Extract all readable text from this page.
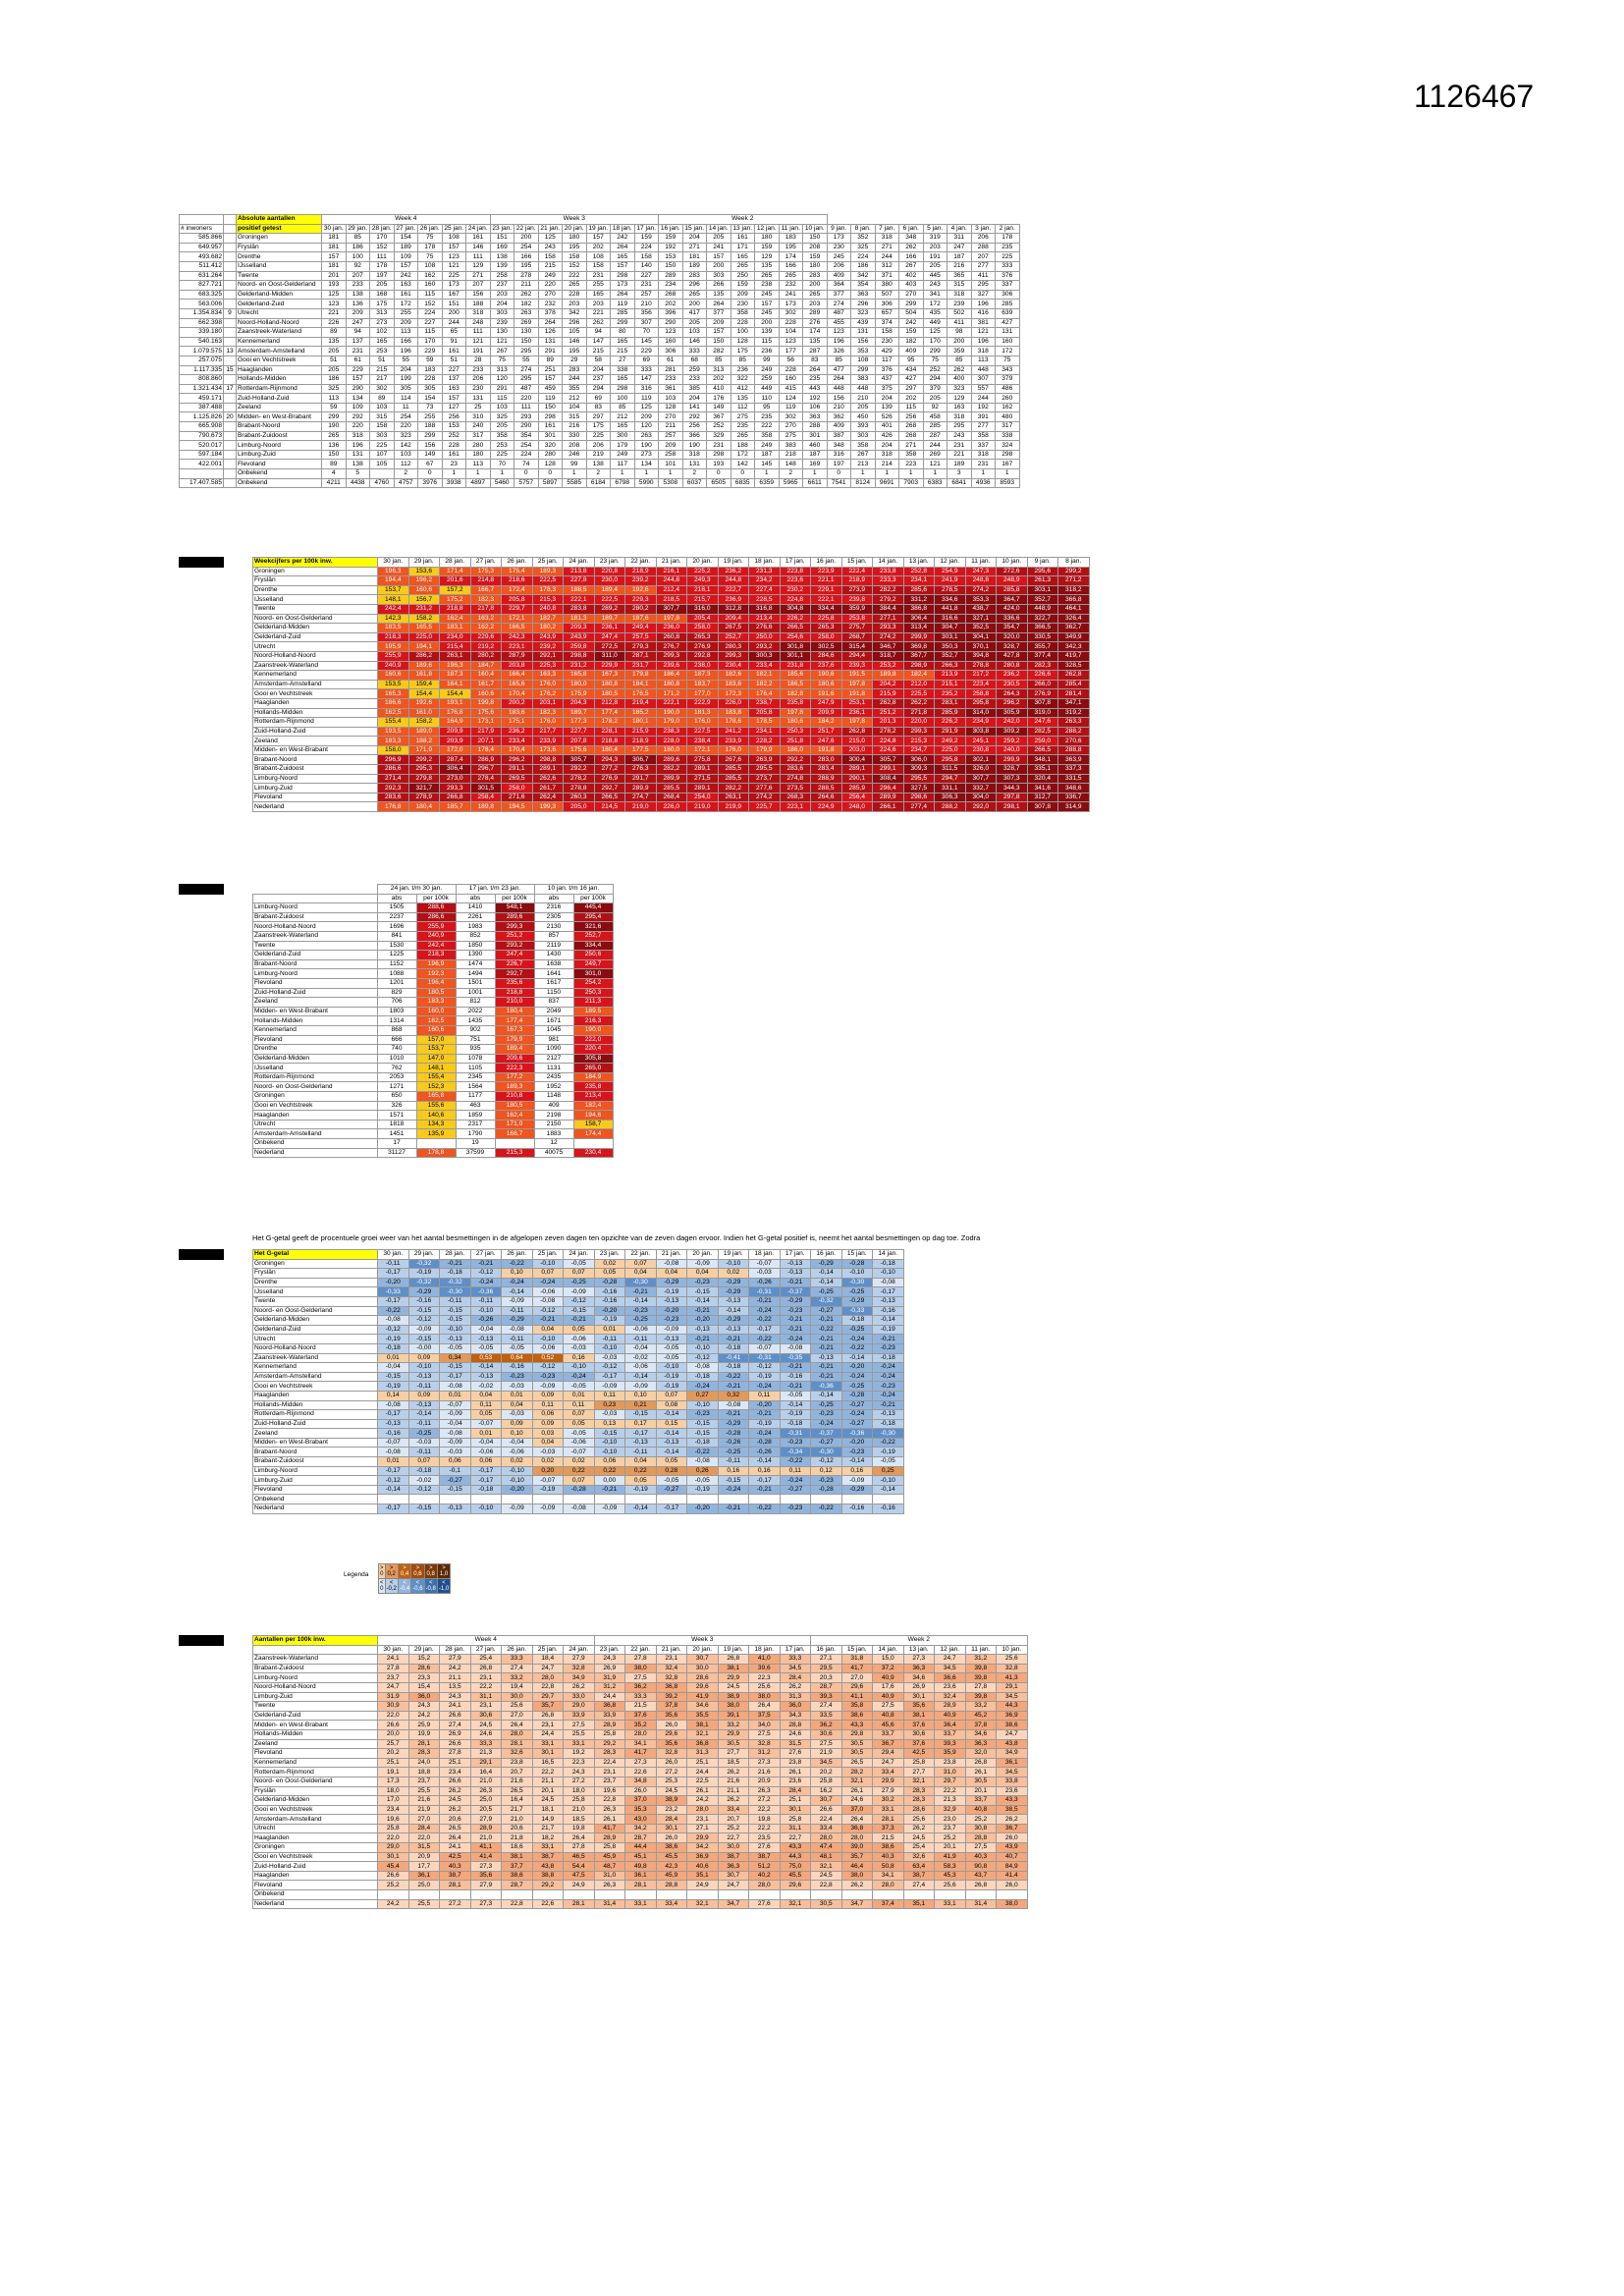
1126467
		Absolute aantallen	Week 4							Week 3							Week 2														
# inwoners		positief getest	30 jan.	29 jan.	28 jan.	27 jan.	26 jan.	25 jan.	24 jan.	23 jan.	22 jan.	21 jan.	20 jan.	19 jan.	18 jan.	17 jan.	16 jan.	15 jan.	14 jan.	13 jan.	12 jan.	11 jan.	10 jan.	9 jan.	8 jan.	7 jan.	6 jan.	5 jan.	4 jan.	3 jan.	2 jan.
585.866		Groningen	181	85	170	154	75	108	161	151	200	125	180	157	242	159	159	204	205	161	180	183	150	173	352	318	348	319	311	206	178
649.957		Fryslân	181	186	152	189	178	157	146	169	254	243	195	202	264	224	192	271	241	171	159	195	208	230	325	271	262	203	247	288	235
493.682		Drenthe	157	100	111	109	75	123	111	138	166	158	158	108	165	158	153	181	157	165	129	174	159	245	224	244	166	191	187	207	225
511.412		IJsselland	181	92	178	157	108	121	129	139	195	215	152	158	157	140	150	189	200	265	135	166	180	206	186	312	267	205	216	277	333
631.264		Twente	201	207	197	242	162	225	271	258	278	249	222	231	298	227	289	283	303	250	265	265	283	409	342	371	402	445	365	411	376
827.721		Noord- en Oost-Gelderland	193	233	205	163	160	173	207	237	211	220	265	255	173	231	234	296	266	159	238	232	200	364	354	380	403	243	315	295	337
683.325		Gelderland-Midden	125	138	168	161	115	167	156	203	262	270	228	165	264	257	268	265	135	209	245	241	265	377	363	507	270	341	318	327	306
563.006		Gelderland-Zuid	123	136	175	172	152	151	188	204	182	232	203	203	119	210	202	200	264	230	157	173	203	274	296	306	299	172	239	196	285
1.354.834	9	Utrecht	221	209	313	255	224	200	318	303	263	378	342	221	285	356	396	417	377	358	245	302	289	487	323	657	504	435	502	416	639
662.398		Noord-Holland-Noord	226	247	273	209	227	244	248	239	269	264	296	262	299	307	290	205	209	228	200	228	276	455	439	374	242	449	411	381	427
339.180		Zaanstreek-Waterland	89	94	102	113	115	65	111	130	130	126	105	94	80	70	123	103	157	100	139	104	174	123	131	158	159	125	98	121	131
540.163		Kennemerland	135	137	165	166	170	91	121	121	150	131	146	147	165	145	160	146	150	128	115	123	135	196	156	230	182	170	200	196	160
1.079.575	13	Amsterdam-Amstelland	205	231	253	196	229	161	191	267	295	291	195	215	215	229	306	333	282	175	236	177	287	326	353	429	409	299	359	318	172
257.075		Gooi en Vechtstreek	51	61	51	55	59	51	28	75	55	89	29	58	27	69	61	68	85	85	99	56	83	85	108	117	95	75	85	113	75
1.117.335	15	Haaglanden	205	229	215	204	183	227	233	313	274	251	283	204	338	333	281	259	313	236	249	228	264	477	299	376	434	252	262	448	343
808.860		Hollands-Midden	186	157	217	199	228	137	206	120	295	157	244	237	165	147	233	233	202	322	259	160	235	264	383	437	427	294	400	307	379
1.321.434	17	Rotterdam-Rijnmond	325	290	302	305	305	163	230	291	487	459	355	294	298	316	361	385	410	412	449	415	443	448	448	375	297	379	323	557	486
459.171		Zuid-Holland-Zuid	113	134	89	114	154	157	131	115	220	119	212	69	100	119	103	204	176	135	110	124	192	156	210	204	202	205	129	244	260
387.488		Zeeland	59	109	103	11	73	127	25	103	111	150	104	83	85	125	128	141	149	112	95	119	106	210	205	139	115	92	163	192	162
1.125.826	20	Midden- en West-Brabant	299	292	315	254	255	256	310	325	293	298	315	297	212	209	270	292	367	275	235	302	363	362	450	526	256	458	318	391	480
665.908		Brabant-Noord	190	220	158	220	188	153	240	205	290	161	216	175	165	120	211	256	252	235	222	270	288	409	393	401	268	285	295	277	317
790.673		Brabant-Zuidoost	265	318	303	323	299	252	317	358	354	301	330	225	300	263	257	366	329	265	358	275	301	387	303	426	268	287	243	358	338
520.017		Limburg-Noord	136	196	225	142	156	228	280	253	254	320	208	206	179	190	209	190	231	188	249	383	460	348	358	204	271	244	231	337	324
597.184		Limburg-Zuid	150	131	107	103	149	161	180	225	224	280	246	219	249	273	258	318	298	172	187	218	187	316	267	318	358	269	221	318	298
422.001		Flevoland	89	138	105	112	67	23	113	70	74	128	99	138	117	134	101	131	193	142	145	148	169	197	213	214	223	121	189	231	167
		Onbekend	4	5		2	0	1	1	1	0	0	1	2	1	1	1	2	0	0	1	2	1	0	1	1	1	1	3	1	1
17.407.585		Onbekend	4211	4438	4760	4757	3976	3938	4897	5460	5757	5897	5585	6184	6798	5990	5308	6037	6505	6835	6359	5965	6611	7541	8124	9691	7903	6383	6841	4936	8593
Weekcijfers per 100k inw.	30 jan.	29 jan.	28 jan.	27 jan.	26 jan.	25 jan.	24 jan.	23 jan.	22 jan.	21 jan.	20 jan.	19 jan.	18 jan.	17 jan.	16 jan.	15 jan.	14 jan.	13 jan.	12 jan.	11 jan.	10 jan.	9 jan.	8 jan.
Groningen	196,3	153,6	171,4	175,3	175,4	189,3	213,8	220,8	218,9	216,1	225,2	236,2	231,3	223,8	223,9	222,4	233,8	252,8	254,9	247,3	272,6	295,6	299,2
Fryslân	194,4	196,2	201,6	214,8	218,6	222,5	227,8	230,0	239,2	244,8	249,3	244,8	234,2	223,6	221,1	218,9	233,3	234,1	241,9	248,8	248,9	261,3	271,2
Drenthe	153,7	160,6	157,2	166,7	172,4	178,3	188,5	189,4	192,6	212,4	218,1	222,7	227,4	230,2	229,1	273,9	282,2	285,6	278,5	274,2	285,8	303,1	318,2
IJsselland	148,1	156,7	175,2	182,3	205,8	215,3	222,1	222,5	229,3	218,5	215,7	236,9	228,5	224,8	222,1	239,8	279,2	331,2	334,6	353,3	364,7	352,7	366,8
Twente	242,4	231,2	218,8	217,8	229,7	240,8	283,8	289,2	280,2	307,7	316,0	312,8	316,8	304,8	334,4	359,9	384,4	386,8	441,8	438,7	424,0	448,9	464,1
Noord- en Oost-Gelderland	142,3	158,2	162,4	163,2	172,1	182,7	181,3	189,7	187,6	197,8	205,4	209,4	213,4	226,2	225,8	253,8	277,1	306,4	316,6	327,1	336,6	322,7	326,4
Gelderland-Midden	183,5	165,5	183,1	162,2	166,5	180,2	209,3	236,1	249,4	236,0	258,0	267,5	276,6	266,5	265,3	275,7	293,3	313,4	304,7	352,5	354,7	366,5	362,7
Gelderland-Zuid	218,3	225,0	234,0	229,6	242,3	243,9	243,9	247,4	257,5	260,8	265,3	252,7	250,0	254,6	258,0	268,7	274,2	299,9	303,1	304,1	320,0	330,5	349,9
Utrecht	195,9	194,1	215,4	219,2	223,1	239,2	259,8	272,5	279,3	276,7	276,9	280,3	293,2	301,8	302,5	315,4	346,7	369,8	350,3	370,1	328,7	355,7	342,3
Noord-Holland-Noord	255,9	286,2	263,1	280,2	287,9	292,1	298,8	311,0	287,1	299,3	292,8	299,3	300,3	301,1	284,6	294,4	318,7	367,7	352,7	394,8	427,8	377,4	419,7
Zaanstreek-Waterland	240,9	189,6	196,3	184,7	203,8	225,3	231,2	229,9	231,7	239,6	238,0	230,4	233,4	231,8	237,6	239,3	253,2	298,9	266,3	278,8	280,8	282,3	328,5
Kennemerland	160,6	161,8	187,3	160,4	166,4	163,3	165,8	167,3	179,8	186,4	187,3	182,6	182,1	185,6	190,6	191,5	189,8	182,4	213,9	217,2	236,2	226,6	262,8
Amsterdam-Amstelland	153,5	159,4	164,1	161,7	165,6	176,0	180,0	180,8	184,1	180,8	183,7	183,6	182,2	186,5	180,6	197,8	204,2	212,0	215,1	223,4	230,5	266,0	285,4
Gooi en Vechtstreek	165,3	154,4	154,4	160,6	170,4	176,2	175,9	180,5	176,5	171,2	177,0	172,3	176,4	182,8	191,6	191,8	215,9	225,5	235,2	258,8	264,3	276,9	281,4
Haaglanden	186,6	192,6	193,1	199,8	200,2	203,1	204,3	212,8	219,4	222,1	222,9	226,0	238,7	235,8	247,9	253,1	262,8	262,2	283,1	295,8	296,2	307,8	347,1
Hollands-Midden	162,5	161,0	176,8	175,6	183,6	182,3	189,7	177,4	185,2	190,0	181,3	183,8	205,8	197,8	209,9	236,1	251,2	271,8	285,9	314,0	305,9	319,0	319,2
Rotterdam-Rijnmond	155,4	158,2	164,9	173,1	175,1	176,0	177,3	178,2	180,1	179,0	176,0	178,6	178,5	180,6	184,2	197,8	201,3	220,0	226,2	234,9	242,0	247,6	263,3
Zuid-Holland-Zuid	193,5	189,0	209,9	217,9	236,2	217,7	227,7	228,1	215,9	238,3	227,5	241,2	234,1	250,3	251,7	262,8	278,2	299,3	291,9	303,8	309,2	282,5	288,2
Zeeland	183,3	188,2	203,9	207,1	233,4	233,9	207,8	218,8	218,9	228,0	238,4	233,9	228,2	251,8	247,6	215,0	224,8	215,3	249,2	245,1	259,2	259,0	270,6
Midden- en West-Brabant	158,0	171,9	172,0	178,4	170,4	173,6	175,6	180,4	177,5	180,0	172,1	176,0	179,9	186,0	191,8	203,0	224,6	234,7	225,0	230,8	240,0	266,5	288,8
Brabant-Noord	296,9	299,2	287,4	286,9	296,2	298,8	305,7	294,3	306,7	289,6	275,8	267,6	263,9	292,2	283,0	300,4	305,7	306,0	295,8	302,1	299,9	348,1	363,9
Brabant-Zuidoost	286,6	295,3	306,4	296,7	291,1	289,1	292,2	277,2	276,3	282,2	289,1	285,5	295,5	283,6	283,4	289,1	299,1	309,3	311,5	326,0	328,7	335,1	337,3
Limburg-Noord	271,4	279,8	273,0	278,4	269,5	262,6	278,2	276,9	291,7	289,9	271,5	285,5	273,7	274,8	288,9	290,1	308,4	295,5	294,7	307,7	307,3	320,4	331,5
Limburg-Zuid	292,3	321,7	293,3	301,5	258,0	261,7	278,8	292,7	289,9	285,5	289,1	282,2	277,6	273,5	288,5	285,9	296,4	327,5	331,1	332,7	344,3	341,6	348,6
Flevoland	283,6	278,9	266,8	258,4	271,6	262,4	260,3	266,5	274,7	268,4	254,0	263,1	274,2	268,3	264,6	256,4	289,9	298,6	306,3	304,0	297,8	312,7	336,7
Nederland	176,8	180,4	185,7	189,8	194,5	199,3	205,0	214,5	219,0	226,0	219,0	219,9	225,7	223,1	224,9	248,0	266,1	277,4	288,2	292,0	298,1	307,8	314,9
	24 jan. t/m 30 jan.		17 jan. t/m 23 jan.		10 jan. t/m 16 jan.	
	abs	per 100k	abs	per 100k	abs	per 100k
Limburg-Noord	1505	288,6	1410	548,1	2316	445,4
Brabant-Zuidoost	2237	286,6	2261	289,6	2305	295,4
Noord-Holland-Noord	1696	255,9	1983	299,3	2130	321,6
Zaanstreek-Waterland	841	240,9	852	251,2	857	252,7
Twente	1530	242,4	1850	293,2	2119	334,4
Gelderland-Zuid	1225	218,3	1390	247,4	1430	250,6
Brabant-Noord	1152	196,9	1474	226,7	1638	249,7
Limburg-Noord	1088	192,3	1494	292,7	1641	301,0
Flevoland	1201	196,4	1501	235,6	1617	254,2
Zuid-Holland-Zuid	829	180,5	1001	218,8	1150	250,3
Zeeland	706	183,3	812	210,0	837	211,3
Midden- en West-Brabant	1803	160,0	2022	180,4	2049	189,5
Hollands-Midden	1314	162,5	1435	177,4	1671	216,3
Kennemerland	868	160,6	902	167,3	1045	190,0
Flevoland	666	157,0	751	179,9	981	222,0
Drenthe	740	153,7	935	189,4	1090	220,4
Gelderland-Midden	1010	147,0	1078	209,6	2127	305,8
IJsselland	762	148,1	1105	222,3	1131	265,0
Rotterdam-Rijnmond	2053	155,4	2345	177,2	2435	184,9
Noord- en Oost-Gelderland	1271	152,3	1564	189,3	1952	235,8
Groningen	650	165,8	1177	210,8	1148	213,4
Gooi en Vechtstreek	326	155,6	463	180,5	409	182,4
Haaglanden	1571	140,6	1859	162,4	2198	194,6
Utrecht	1818	134,3	2317	171,0	2150	158,7
Amsterdam-Amstelland	1451	135,9	1790	166,7	1883	174,4
Onbekend	17		19		12	
Nederland	31127	178,8	37599	215,3	40075	230,4
Het G-getal geeft de procentuele groei weer van het aantal besmettingen in de afgelopen zeven dagen ten opzichte van de zeven dagen ervoor. Indien het G-getal positief is, neemt het aantal besmettingen op dag toe. Zodra
Het G-getal	30 jan.	29 jan.	28 jan.	27 jan.	26 jan.	25 jan.	24 jan.	23 jan.	22 jan.	21 jan.	20 jan.	19 jan.	18 jan.	17 jan.	16 jan.	15 jan.	14 jan.
Groningen	-0,11	-0,32	-0,21	-0,21	-0,22	-0,10	-0,05	0,02	0,07	-0,08	-0,09	-0,10	-0,07	-0,13	-0,29	-0,28	-0,18
Fryslân	-0,17	-0,19	-0,18	-0,12	0,10	0,07	0,07	0,05	0,04	0,04	0,04	0,02	-0,03	-0,13	-0,14	-0,10	-0,10
Drenthe	-0,20	-0,32	-0,32	-0,24	-0,24	-0,24	-0,25	-0,28	-0,30	-0,29	-0,23	-0,29	-0,26	-0,21	-0,14	-0,30	-0,08
IJsselland	-0,33	-0,29	-0,30	-0,36	-0,14	-0,06	-0,09	-0,16	-0,21	-0,19	-0,15	-0,29	-0,31	-0,37	-0,25	-0,25	-0,17
Twente	-0,17	-0,16	-0,11	-0,11	-0,09	-0,08	-0,12	-0,16	-0,14	-0,13	-0,14	-0,13	-0,21	-0,29	-0,32	-0,29	-0,13
Noord- en Oost-Gelderland	-0,22	-0,15	-0,15	-0,10	-0,11	-0,12	-0,15	-0,20	-0,23	-0,20	-0,21	-0,14	-0,24	-0,23	-0,27	-0,33	-0,16
Gelderland-Midden	-0,08	-0,12	-0,15	-0,26	-0,29	-0,21	-0,21	-0,19	-0,25	-0,23	-0,20	-0,29	-0,22	-0,21	-0,21	-0,18	-0,14
Gelderland-Zuid	-0,12	-0,09	-0,10	-0,04	-0,08	0,04	0,05	0,01	-0,06	-0,09	-0,13	-0,13	-0,17	-0,21	-0,22	-0,25	-0,19
Utrecht	-0,19	-0,15	-0,13	-0,13	-0,11	-0,10	-0,06	-0,11	-0,11	-0,13	-0,21	-0,21	-0,22	-0,24	-0,21	-0,24	-0,21
Noord-Holland-Noord	-0,18	-0,00	-0,05	-0,05	-0,05	-0,06	-0,03	-0,10	-0,04	-0,05	-0,10	-0,18	-0,07	-0,08	-0,21	-0,22	-0,23
Zaanstreek-Waterland	0,01	0,09	0,34	0,53	0,64	0,52	0,16	-0,03	-0,02	-0,05	-0,12	-0,41	-0,31	-0,35	-0,13	-0,14	-0,18
Kennemerland	-0,04	-0,10	-0,15	-0,14	-0,16	-0,12	-0,10	-0,12	-0,06	-0,10	-0,08	-0,18	-0,12	-0,21	-0,21	-0,20	-0,24
Amsterdam-Amstelland	-0,15	-0,13	-0,17	-0,13	-0,23	-0,23	-0,24	-0,17	-0,14	-0,19	-0,18	-0,22	-0,19	-0,16	-0,21	-0,24	-0,24
Gooi en Vechtstreek	-0,19	-0,11	-0,08	-0,02	-0,03	-0,09	-0,05	-0,09	-0,09	-0,19	-0,24	-0,21	-0,24	-0,21	-0,36	-0,25	-0,23
Haaglanden	0,14	0,09	0,01	0,04	0,01	0,09	0,01	0,11	0,10	0,07	0,27	0,32	0,11	-0,05	-0,14	-0,28	-0,24
Hollands-Midden	-0,08	-0,13	-0,07	0,11	0,04	0,11	0,11	0,23	0,21	0,08	-0,10	-0,08	-0,20	-0,14	-0,25	-0,27	-0,21
Rotterdam-Rijnmond	-0,17	-0,14	-0,09	0,05	-0,03	0,06	0,07	-0,03	-0,15	-0,14	-0,23	-0,21	-0,21	-0,19	-0,23	-0,24	-0,13
Zuid-Holland-Zuid	-0,13	-0,11	-0,04	-0,07	0,09	0,09	0,05	0,13	0,17	0,15	-0,15	-0,29	-0,19	-0,18	-0,24	-0,27	-0,18
Zeeland	-0,16	-0,25	-0,08	0,01	0,10	0,03	-0,05	-0,15	-0,17	-0,14	-0,15	-0,28	-0,24	-0,31	-0,37	-0,36	-0,30
Midden- en West-Brabant	-0,07	-0,03	-0,09	-0,04	-0,04	0,04	-0,06	-0,10	-0,13	-0,13	-0,18	-0,26	-0,28	-0,23	-0,27	-0,20	-0,22
Brabant-Noord	-0,08	-0,11	-0,03	-0,06	-0,06	-0,03	-0,07	-0,10	-0,11	-0,14	-0,22	-0,25	-0,26	-0,34	-0,30	-0,23	-0,19
Brabant-Zuidoost	0,01	0,07	0,06	0,06	0,02	0,02	0,02	0,06	0,04	0,05	-0,08	-0,11	-0,14	-0,22	-0,12	-0,14	-0,05
Limburg-Noord	-0,17	-0,18	-0,1	-0,17	-0,10	0,20	0,22	0,22	0,22	0,28	0,26	0,16	0,16	0,11	0,12	0,16	0,25
Limburg-Zuid	-0,12	-0,02	-0,27	-0,17	-0,10	-0,07	0,07	0,00	0,05	-0,05	-0,05	-0,15	-0,17	-0,24	-0,23	-0,09	-0,10
Flevoland	-0,14	-0,12	-0,15	-0,18	-0,20	-0,19	-0,28	-0,21	-0,19	-0,27	-0,19	-0,24	-0,21	-0,27	-0,28	-0,29	-0,14
Onbekend																	
Nederland	-0,17	-0,15	-0,13	-0,10	-0,09	-0,09	-0,08	-0,09	-0,14	-0,17	-0,20	-0,21	-0,22	-0,23	-0,22	-0,16	-0,16
Legenda
> 0	> 0,2	> 0,4	> 0,6	> 0,8	> 1,0
< 0	< -0,2	< -0,4	< -0,6	< -0,8	< -1,0
Aantallen per 100k inw.	Week 4							Week 3							Week 2						
	30 jan.	29 jan.	28 jan.	27 jan.	26 jan.	25 jan.	24 jan.	23 jan.	22 jan.	21 jan.	20 jan.	19 jan.	18 jan.	17 jan.	16 jan.	15 jan.	14 jan.	13 jan.	12 jan.	11 jan.	10 jan.
Zaanstreek-Waterland	24,1	15,2	27,9	25,4	33,3	18,4	27,9	24,3	27,8	23,1	30,7	26,8	41,0	33,3	27,1	31,8	15,0	27,3	24,7	31,2	25,6
Brabant-Zuidoost	27,8	28,6	24,2	26,8	27,4	24,7	32,8	26,9	38,0	32,4	30,0	38,1	39,6	34,5	29,5	41,7	37,2	36,3	34,5	39,8	32,8
Limburg-Noord	23,7	23,3	21,1	23,1	33,2	28,0	34,9	31,9	27,5	32,8	28,6	29,9	22,3	28,4	20,3	27,0	40,9	34,6	36,6	39,8	41,3
Noord-Holland-Noord	24,7	15,4	13,5	22,2	19,4	22,8	26,2	31,2	36,2	36,8	29,6	24,5	25,6	26,2	28,7	29,6	17,6	26,9	23,6	27,8	29,1
Limburg-Zuid	31,9	36,0	24,3	31,1	30,0	29,7	33,0	24,4	33,3	39,2	41,9	38,9	38,0	31,3	39,3	41,1	40,9	30,1	32,4	39,8	34,5
Twente	30,9	24,3	24,1	23,1	25,6	35,7	29,0	36,8	21,5	37,8	34,6	38,0	26,4	36,0	27,4	35,8	27,5	35,6	28,9	33,2	44,3
Gelderland-Zuid	22,0	24,2	26,6	30,6	27,0	26,8	33,9	33,9	37,6	35,6	35,5	39,1	37,5	34,3	33,5	38,6	40,8	38,1	40,9	45,2	36,9
Midden- en West-Brabant	26,6	25,9	27,4	24,5	26,4	23,1	27,5	28,9	35,2	26,0	38,1	33,2	34,0	28,8	36,2	43,3	45,6	37,6	36,4	37,8	38,6
Hollands-Midden	20,0	19,9	26,9	24,6	28,0	24,4	25,5	25,8	28,0	29,6	32,1	29,9	27,5	24,6	30,6	29,8	33,7	30,6	33,7	34,6	24,7
Zeeland	25,7	28,1	26,6	33,3	28,1	33,1	33,1	29,2	34,1	35,6	36,8	30,5	32,8	31,5	27,5	30,5	36,7	37,6	39,3	36,3	43,8
Flevoland	20,2	28,3	27,8	21,3	32,6	30,1	19,2	28,3	41,7	32,8	31,3	27,7	31,2	27,6	21,9	30,5	29,4	42,5	35,9	32,0	34,9
Kennemerland	25,1	24,0	25,1	29,1	23,8	16,5	22,3	22,4	27,3	26,0	25,1	18,5	27,3	23,8	34,5	26,5	24,7	25,8	23,8	26,8	36,1
Rotterdam-Rijnmond	19,1	18,8	23,4	16,4	20,7	22,2	24,3	23,1	22,6	27,2	24,4	26,2	21,6	26,1	20,2	28,2	33,4	27,7	31,0	26,1	34,5
Noord- en Oost-Gelderland	17,3	23,7	26,6	21,0	21,6	21,1	27,2	23,7	34,8	25,3	22,5	21,6	20,9	23,6	25,8	32,1	29,9	32,1	29,7	30,5	33,8
Fryslân	18,0	25,5	26,2	26,3	26,5	20,1	18,0	19,6	26,0	24,5	26,1	21,1	26,3	28,4	16,2	26,1	27,9	28,3	22,2	20,1	23,6
Gelderland-Midden	17,0	21,6	24,5	25,0	16,4	24,5	25,8	22,8	37,0	38,9	24,2	26,2	27,2	25,1	30,7	24,6	30,2	28,3	21,3	33,7	43,3
Gooi en Vechtstreek	23,4	21,9	26,2	20,5	21,7	18,1	21,0	26,3	35,3	23,2	28,0	33,4	22,2	30,1	26,6	37,0	33,1	28,6	32,9	40,8	38,5
Amsterdam-Amstelland	19,6	27,0	20,6	27,9	21,0	14,9	18,5	26,1	43,0	28,4	23,1	20,7	19,8	25,8	22,4	26,4	28,1	25,6	23,0	25,2	26,2
Utrecht	25,8	28,4	26,5	28,9	20,6	21,7	19,8	41,7	34,2	30,1	27,1	25,2	22,2	31,1	33,4	36,8	37,3	26,2	23,7	30,8	36,7
Haaglanden	22,0	22,0	26,4	21,0	21,8	18,2	26,4	28,9	28,7	26,0	29,9	22,7	23,5	22,7	28,0	28,0	21,5	24,5	25,2	28,8	26,0
Groningen	29,0	31,5	24,1	41,1	18,6	33,1	27,8	25,8	44,4	38,6	34,2	30,0	27,6	43,3	47,4	39,0	38,6	25,4	20,1	27,5	43,9
Gooi en Vechtstreek	30,1	20,9	42,5	41,4	38,1	38,7	46,5	45,9	45,1	45,5	36,9	38,7	38,7	44,3	48,1	35,7	40,3	32,6	41,9	40,3	40,7
Zuid-Holland-Zuid	45,4	17,7	40,3	27,3	37,7	43,8	54,4	48,7	49,8	42,3	40,6	36,3	51,2	75,0	32,1	46,4	50,8	63,4	58,3	90,8	84,9
Haaglanden	26,6	36,1	38,7	35,6	38,6	38,8	47,5	31,0	36,1	45,9	35,1	30,7	40,2	45,5	24,5	38,0	34,1	38,7	45,3	43,7	41,4
Flevoland	25,2	25,0	28,1	27,9	28,7	29,2	24,9	26,3	28,1	28,8	24,9	24,7	28,0	29,6	22,8	26,2	28,0	27,4	25,6	26,8	26,0
Onbekend																					
Nederland	24,2	25,5	27,2	27,3	22,8	22,6	28,1	31,4	33,1	33,4	32,1	34,7	27,6	32,1	30,5	34,7	37,4	35,1	33,1	31,4	38,0
